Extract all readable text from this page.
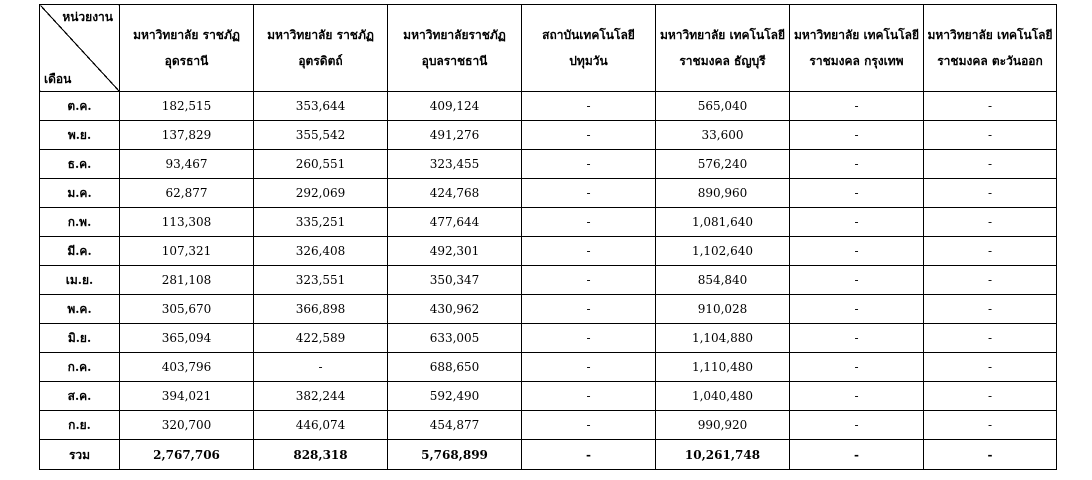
หน่วยงาน
เดือน	มหาวิทยาลัย ราชภัฏอุดรธานี	มหาวิทยาลัย ราชภัฏอุตรดิตถ์	มหาวิทยาลัยราชภัฏ อุบลราชธานี	สถาบันเทคโนโลยี ปทุมวัน	มหาวิทยาลัย เทคโนโลยีราชมงคล ธัญบุรี	มหาวิทยาลัย เทคโนโลยีราชมงคล กรุงเทพ	มหาวิทยาลัย เทคโนโลยีราชมงคล ตะวันออก

ต.ค.	182,515	353,644	409,124	-	565,040	-	-
พ.ย.	137,829	355,542	491,276	-	33,600	-	-
ธ.ค.	93,467	260,551	323,455	-	576,240	-	-
ม.ค.	62,877	292,069	424,768	-	890,960	-	-
ก.พ.	113,308	335,251	477,644	-	1,081,640	-	-
มี.ค.	107,321	326,408	492,301	-	1,102,640	-	-
เม.ย.	281,108	323,551	350,347	-	854,840	-	-
พ.ค.	305,670	366,898	430,962	-	910,028	-	-
มิ.ย.	365,094	422,589	633,005	-	1,104,880	-	-
ก.ค.	403,796	-	688,650	-	1,110,480	-	-
ส.ค.	394,021	382,244	592,490	-	1,040,480	-	-
ก.ย.	320,700	446,074	454,877	-	990,920	-	-
รวม	2,767,706	828,318	5,768,899	-	10,261,748	-	-
